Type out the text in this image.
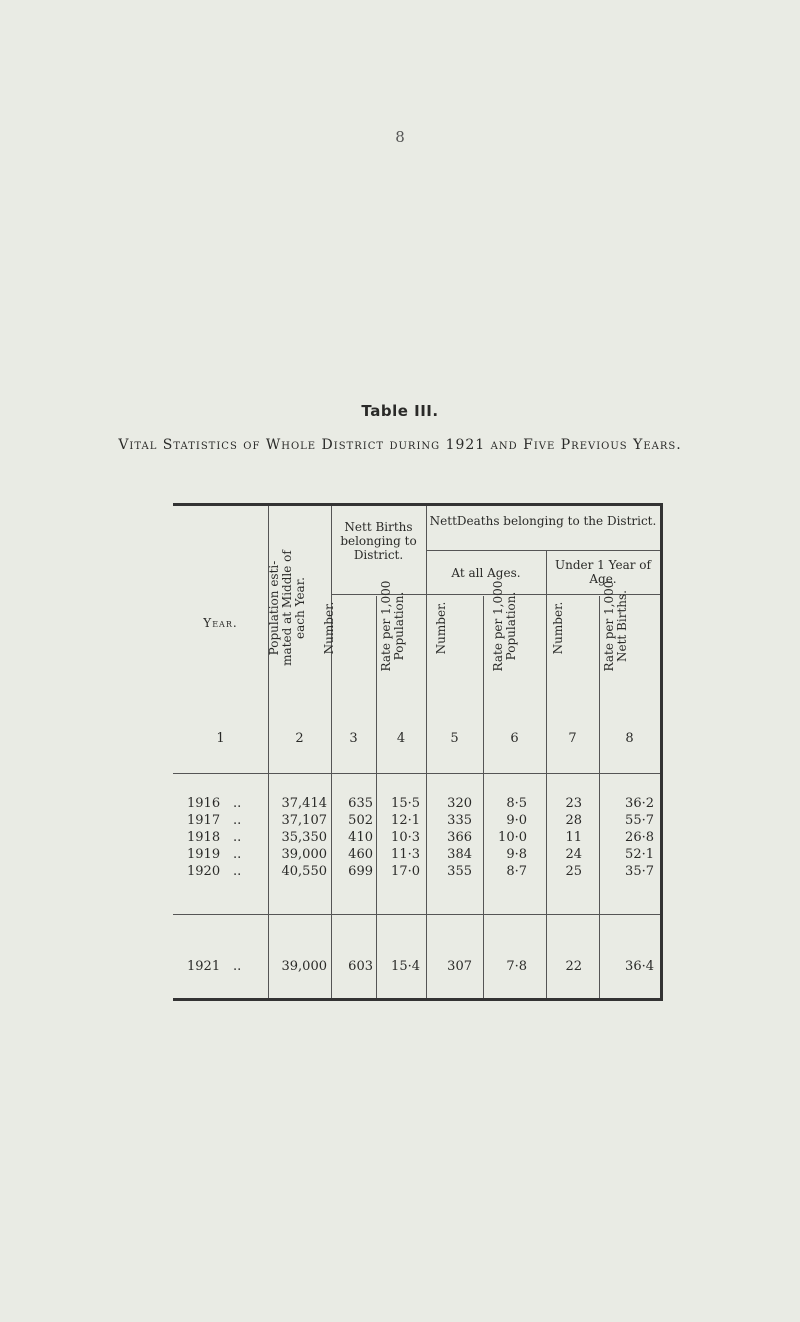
8
Table III.
Vital Statistics of Whole District during 1921 and Five Previous Years.
Nett Births belonging to District.
NettDeaths belonging to the District.
At all Ages.
Under 1 Year of Age.
Year.	Population esti-mated at Middle of each Year.	Number.	Rate per 1,000 Population.	Number.	Rate per 1,000 Population.	Number.	Rate per 1,000 Nett Births.
1	2	3	4	5	6	7	8
1916 ..	37,414	635	15·5	320	8·5	23	36·2
1917 ..	37,107	502	12·1	335	9·0	28	55·7
1918 ..	35,350	410	10·3	366	10·0	11	26·8
1919 ..	39,000	460	11·3	384	9·8	24	52·1
1920 ..	40,550	699	17·0	355	8·7	25	35·7
1921 ..	39,000	603	15·4	307	7·8	22	36·4
